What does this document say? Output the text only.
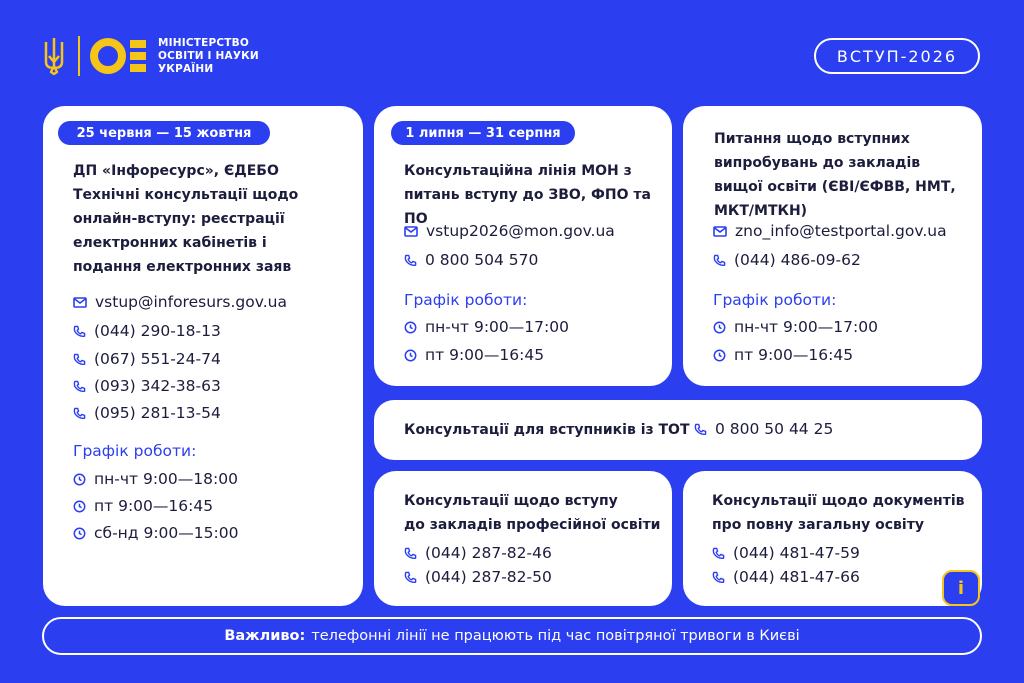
МІНІСТЕРСТВО
ОСВІТИ І НАУКИ
УКРАЇНИ
ВСТУП-2026
25 червня — 15 жовтня
ДП «Інфоресурс», ЄДЕБО
Технічні консультації щодо
онлайн-вступу: реєстрації
електронних кабінетів і
подання електронних заяв
vstup@inforesurs.gov.ua
(044) 290-18-13
(067) 551-24-74
(093) 342-38-63
(095) 281-13-54
Графік роботи:
пн-чт 9:00—18:00
пт 9:00—16:45
сб-нд 9:00—15:00
1 липня — 31 серпня
Консультаційна лінія МОН з
питань вступу до ЗВО, ФПО та ПО
vstup2026@mon.gov.ua
0 800 504 570
Графік роботи:
пн-чт 9:00—17:00
пт 9:00—16:45
Питання щодо вступних
випробувань до закладів
вищої освіти (ЄВІ/ЄФВВ, НМТ,
МКТ/МТКН)
zno_info@testportal.gov.ua
(044) 486-09-62
Графік роботи:
пн-чт 9:00—17:00
пт 9:00—16:45
Консультації для вступників із ТОТ 0 800 50 44 25
Консультації щодо вступу
до закладів професійної освіти
(044) 287-82-46
(044) 287-82-50
Консультації щодо документів
про повну загальну освіту
(044) 481-47-59
(044) 481-47-66
i
Важливо: телефонні лінії не працюють під час повітряної тривоги в Києві
